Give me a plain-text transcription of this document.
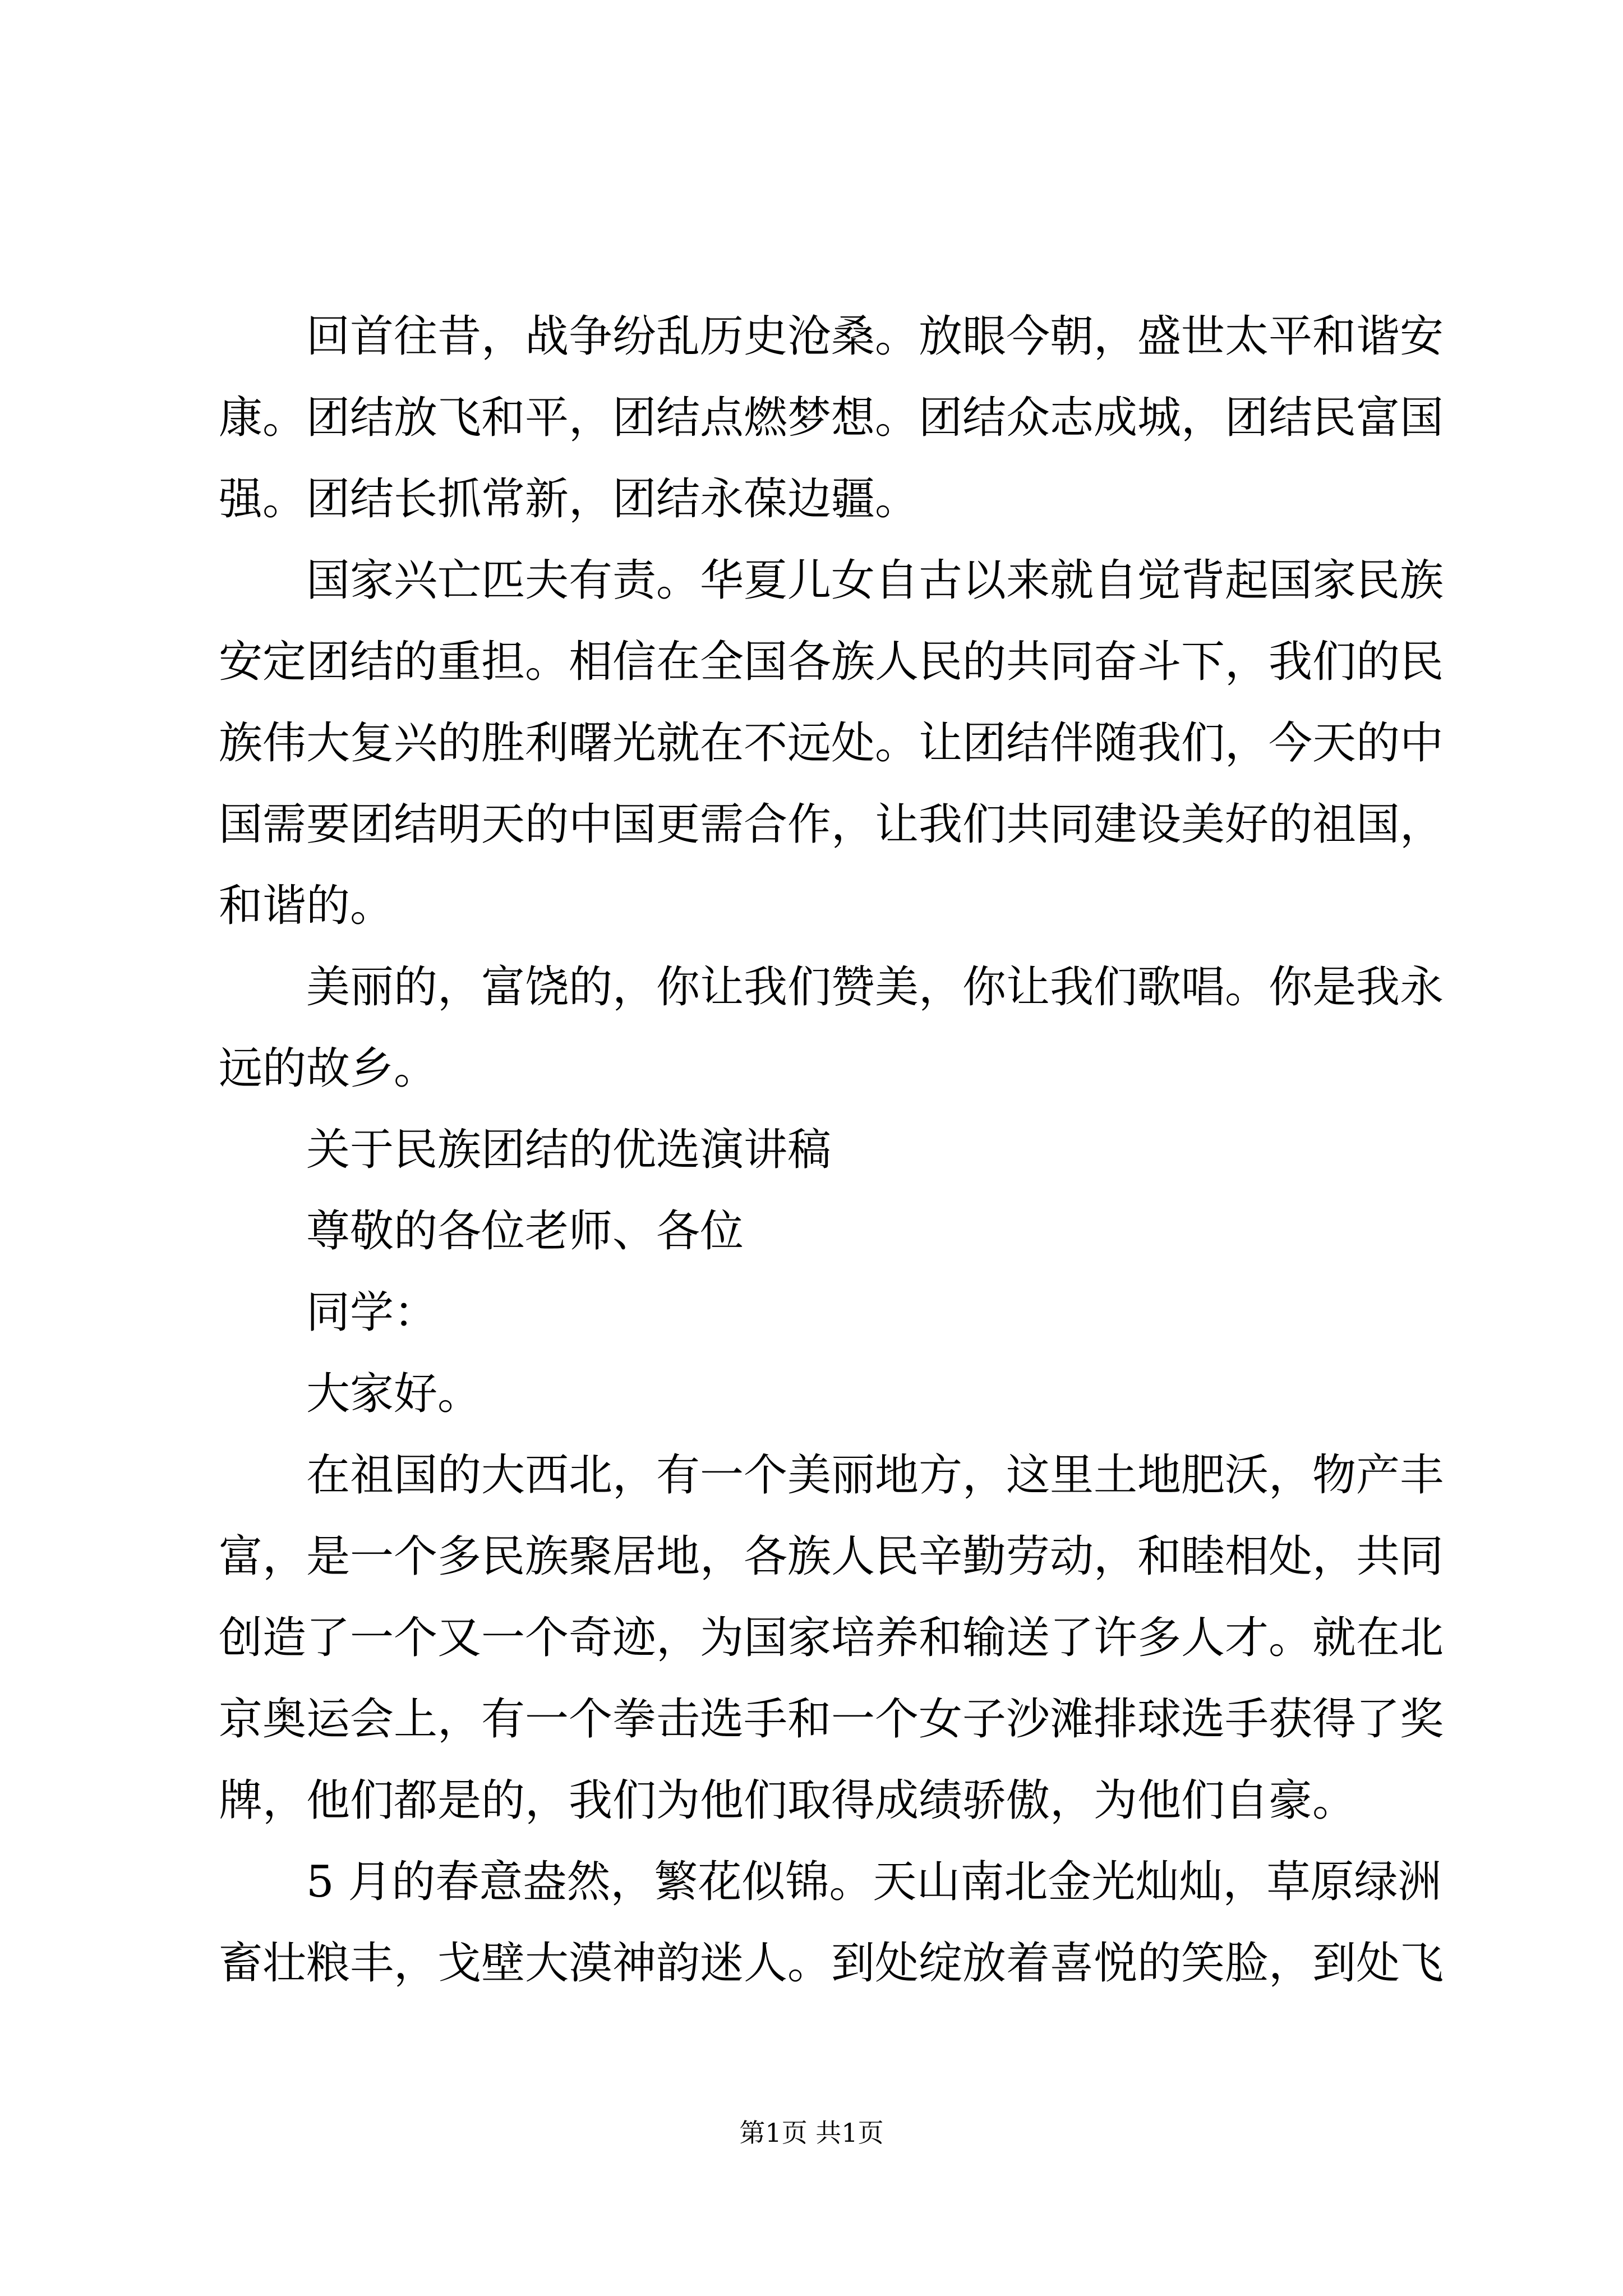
回首往昔，战争纷乱历史沧桑。放眼今朝，盛世太平和谐安

康。团结放飞和平，团结点燃梦想。团结众志成城，团结民富国

强。团结长抓常新，团结永葆边疆。

国家兴亡匹夫有责。华夏儿女自古以来就自觉背起国家民族

安定团结的重担。相信在全国各族人民的共同奋斗下，我们的民

族伟大复兴的胜利曙光就在不远处。让团结伴随我们，今天的中

国需要团结明天的中国更需合作，让我们共同建设美好的祖国，

和谐的。

美丽的，富饶的，你让我们赞美，你让我们歌唱。你是我永

远的故乡。

关于民族团结的优选演讲稿

尊敬的各位老师、各位

同学：

大家好。

在祖国的大西北，有一个美丽地方，这里土地肥沃，物产丰

富，是一个多民族聚居地，各族人民辛勤劳动，和睦相处，共同

创造了一个又一个奇迹，为国家培养和输送了许多人才。就在北

京奥运会上，有一个拳击选手和一个女子沙滩排球选手获得了奖

牌，他们都是的，我们为他们取得成绩骄傲，为他们自豪。

5 月的春意盎然，繁花似锦。天山南北金光灿灿，草原绿洲

畜壮粮丰，戈壁大漠神韵迷人。到处绽放着喜悦的笑脸，到处飞

第1页 共1页
